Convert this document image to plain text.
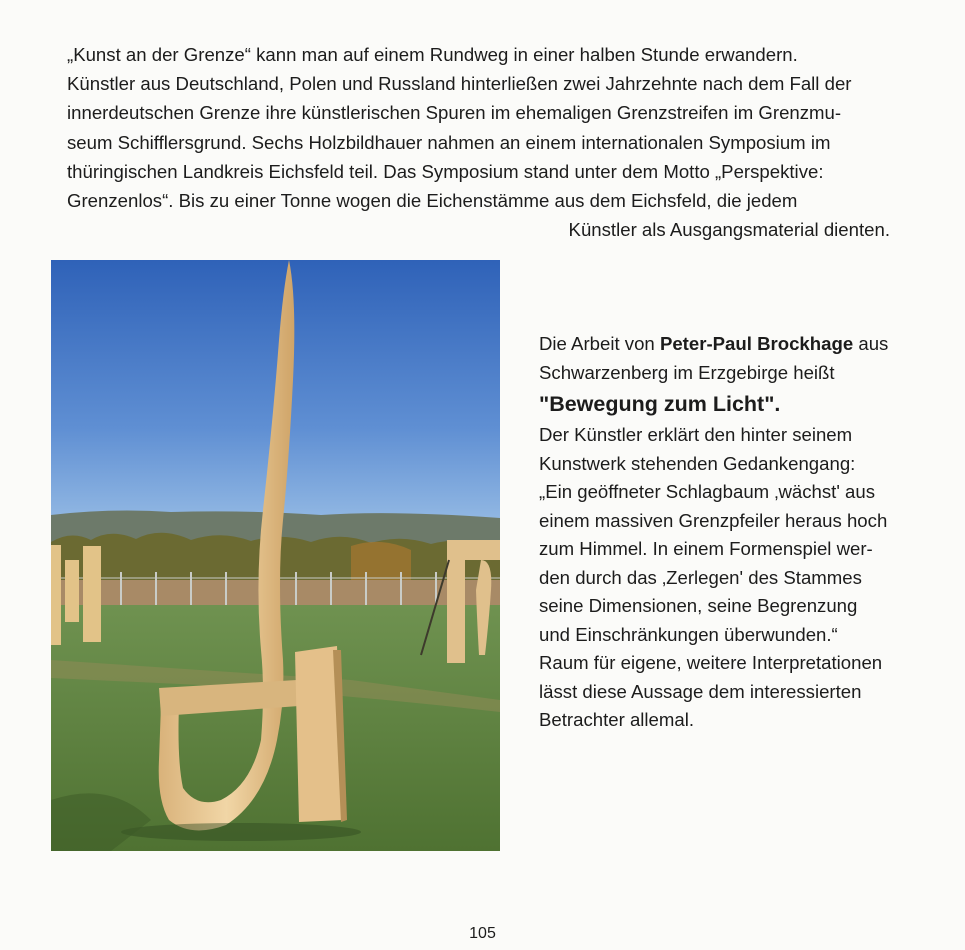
„Kunst an der Grenze“ kann man auf einem Rundweg in einer halben Stunde erwandern.

Künstler aus Deutschland, Polen und Russland hinterließen zwei Jahrzehnte nach dem Fall der

innerdeutschen Grenze ihre künstlerischen Spuren im ehemaligen Grenzstreifen im Grenzmu-

seum Schifflersgrund. Sechs Holzbildhauer nahmen an einem internationalen Symposium im

thüringischen Landkreis Eichsfeld teil. Das Symposium stand unter dem Motto „Perspektive:

Grenzenlos“. Bis zu einer Tonne wogen die Eichenstämme aus dem Eichsfeld, die jedem

Künstler als Ausgangsmaterial dienten.

Die Arbeit von Peter-Paul Brockhage aus

Schwarzenberg im Erzgebirge heißt

"Bewegung zum Licht".

Der Künstler erklärt den hinter seinem

Kunstwerk stehenden Gedankengang:

„Ein geöffneter Schlagbaum ‚wächst' aus

einem massiven Grenzpfeiler heraus hoch

zum Himmel. In einem Formenspiel wer-

den durch das ‚Zerlegen' des Stammes

seine Dimensionen, seine Begrenzung

und Einschränkungen überwunden.“

Raum für eigene, weitere Interpretationen

lässt diese Aussage dem interessierten

Betrachter allemal.

105
